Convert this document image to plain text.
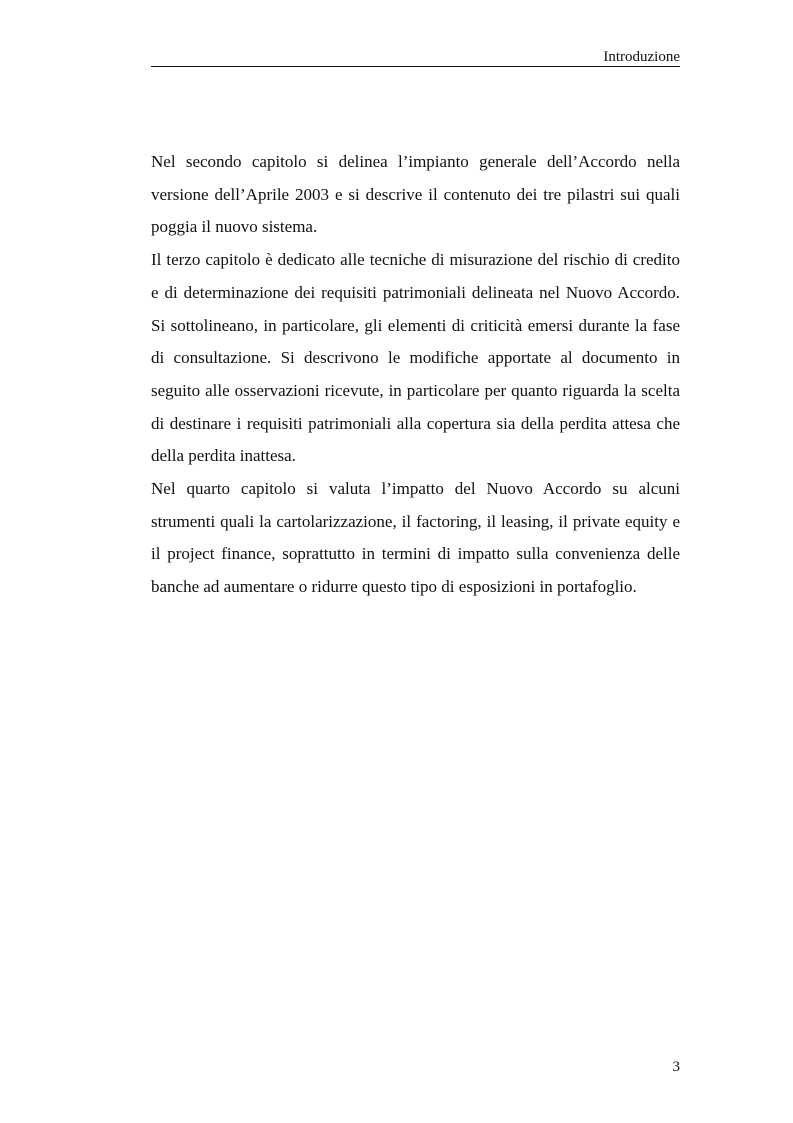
Introduzione

Nel secondo capitolo si delinea l’impianto generale dell’Accordo nella versione dell’Aprile 2003 e si descrive il contenuto dei tre pilastri sui quali poggia il nuovo sistema.

Il terzo capitolo è dedicato alle tecniche di misurazione del rischio di credito e di determinazione dei requisiti patrimoniali delineata nel Nuovo Accordo. Si sottolineano, in particolare, gli elementi di criticità emersi durante la fase di consultazione. Si descrivono le modifiche apportate al documento in seguito alle osservazioni ricevute, in particolare per quanto riguarda la scelta di destinare i requisiti patrimoniali alla copertura sia della perdita attesa che della perdita inattesa.

Nel quarto capitolo si valuta l’impatto del Nuovo Accordo su alcuni strumenti quali la cartolarizzazione, il factoring, il leasing, il private equity e il project finance, soprattutto in termini di impatto sulla convenienza delle banche ad aumentare o ridurre questo tipo di esposizioni in portafoglio.

3
